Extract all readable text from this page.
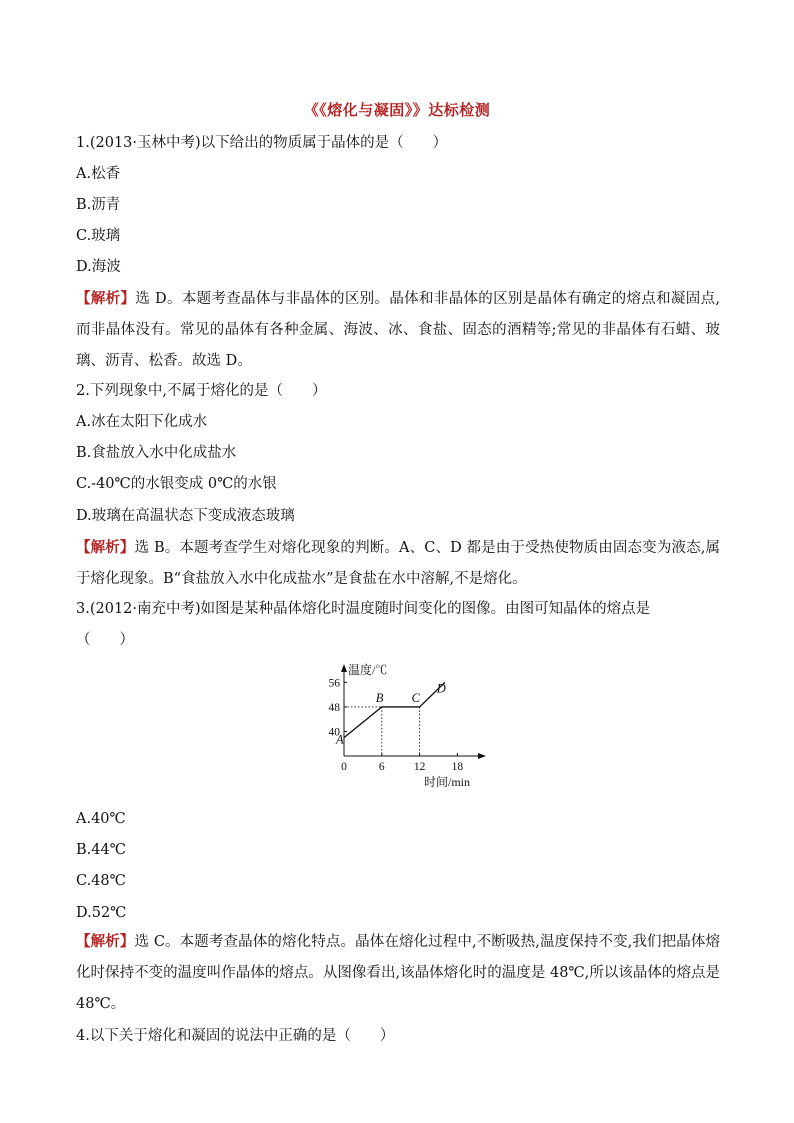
《《熔化与凝固》》达标检测
1.(2013·玉林中考)以下给出的物质属于晶体的是（　　）
A.松香
B.沥青
C.玻璃
D.海波
【解析】选 D。本题考查晶体与非晶体的区别。晶体和非晶体的区别是晶体有确定的熔点和凝固点,而非晶体没有。常见的晶体有各种金属、海波、冰、食盐、固态的酒精等;常见的非晶体有石蜡、玻璃、沥青、松香。故选 D。
2.下列现象中,不属于熔化的是（　　）
A.冰在太阳下化成水
B.食盐放入水中化成盐水
C.-40℃的水银变成 0℃的水银
D.玻璃在高温状态下变成液态玻璃
【解析】选 B。本题考查学生对熔化现象的判断。A、C、D 都是由于受热使物质由固态变为液态,属于熔化现象。B“食盐放入水中化成盐水”是食盐在水中溶解,不是熔化。
3.(2012·南充中考)如图是某种晶体熔化时温度随时间变化的图像。由图可知晶体的熔点是
（　　）
温度/℃
时间/min
0	6	12 18
40
48
56
A
B C
D
A.40℃
B.44℃
C.48℃
D.52℃
【解析】选 C。本题考查晶体的熔化特点。晶体在熔化过程中,不断吸热,温度保持不变,我们把晶体熔化时保持不变的温度叫作晶体的熔点。从图像看出,该晶体熔化时的温度是 48℃,所以该晶体的熔点是 48℃。
4.以下关于熔化和凝固的说法中正确的是（　　）
